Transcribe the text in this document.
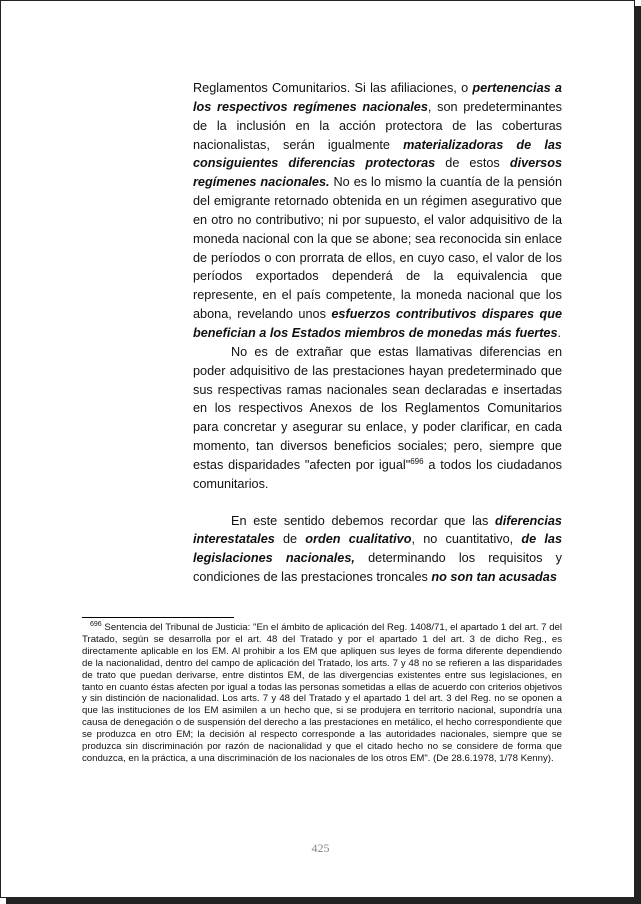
Reglamentos Comunitarios. Si las afiliaciones, o pertenencias a los respectivos regímenes nacionales, son predeterminantes de la inclusión en la acción protectora de las coberturas nacionalistas, serán igualmente materializadoras de las consiguientes diferencias protectoras de estos diversos regímenes nacionales. No es lo mismo la cuantía de la pensión del emigrante retornado obtenida en un régimen asegurativo que en otro no contributivo; ni por supuesto, el valor adquisitivo de la moneda nacional con la que se abone; sea reconocida sin enlace de períodos o con prorrata de ellos, en cuyo caso, el valor de los períodos exportados dependerá de la equivalencia que represente, en el país competente, la moneda nacional que los abona, revelando unos esfuerzos contributivos dispares que benefician a los Estados miembros de monedas más fuertes.

No es de extrañar que estas llamativas diferencias en poder adquisitivo de las prestaciones hayan predeterminado que sus respectivas ramas nacionales sean declaradas e insertadas en los respectivos Anexos de los Reglamentos Comunitarios para concretar y asegurar su enlace, y poder clarificar, en cada momento, tan diversos beneficios sociales; pero, siempre que estas disparidades "afecten por igual"$^{696}$ a todos los ciudadanos comunitarios.

En este sentido debemos recordar que las diferencias interestatales de orden cualitativo, no cuantitativo, de las legislaciones nacionales, determinando los requisitos y condiciones de las prestaciones troncales no son tan acusadas

$^{696}$ Sentencia del Tribunal de Justicia: "En el ámbito de aplicación del Reg. 1408/71, el apartado 1 del art. 7 del Tratado, según se desarrolla por el art. 48 del Tratado y por el apartado 1 del art. 3 de dicho Reg., es directamente aplicable en los EM. Al prohibir a los EM que apliquen sus leyes de forma diferente dependiendo de la nacionalidad, dentro del campo de aplicación del Tratado, los arts. 7 y 48 no se refieren a las disparidades de trato que puedan derivarse, entre distintos EM, de las divergencias existentes entre sus legislaciones, en tanto en cuanto éstas afecten por igual a todas las personas sometidas a ellas de acuerdo con criterios objetivos y sin distinción de nacionalidad. Los arts. 7 y 48 del Tratado y el apartado 1 del art. 3 del Reg. no se oponen a que las instituciones de los EM asimilen a un hecho que, si se produjera en territorio nacional, supondría una causa de denegación o de suspensión del derecho a las prestaciones en metálico, el hecho correspondiente que se produzca en otro EM; la decisión al respecto corresponde a las autoridades nacionales, siempre que se produzca sin discriminación por razón de nacionalidad y que el citado hecho no se considere de forma que conduzca, en la práctica, a una discriminación de los nacionales de los otros EM". (De 28.6.1978, 1/78 Kenny).

425
